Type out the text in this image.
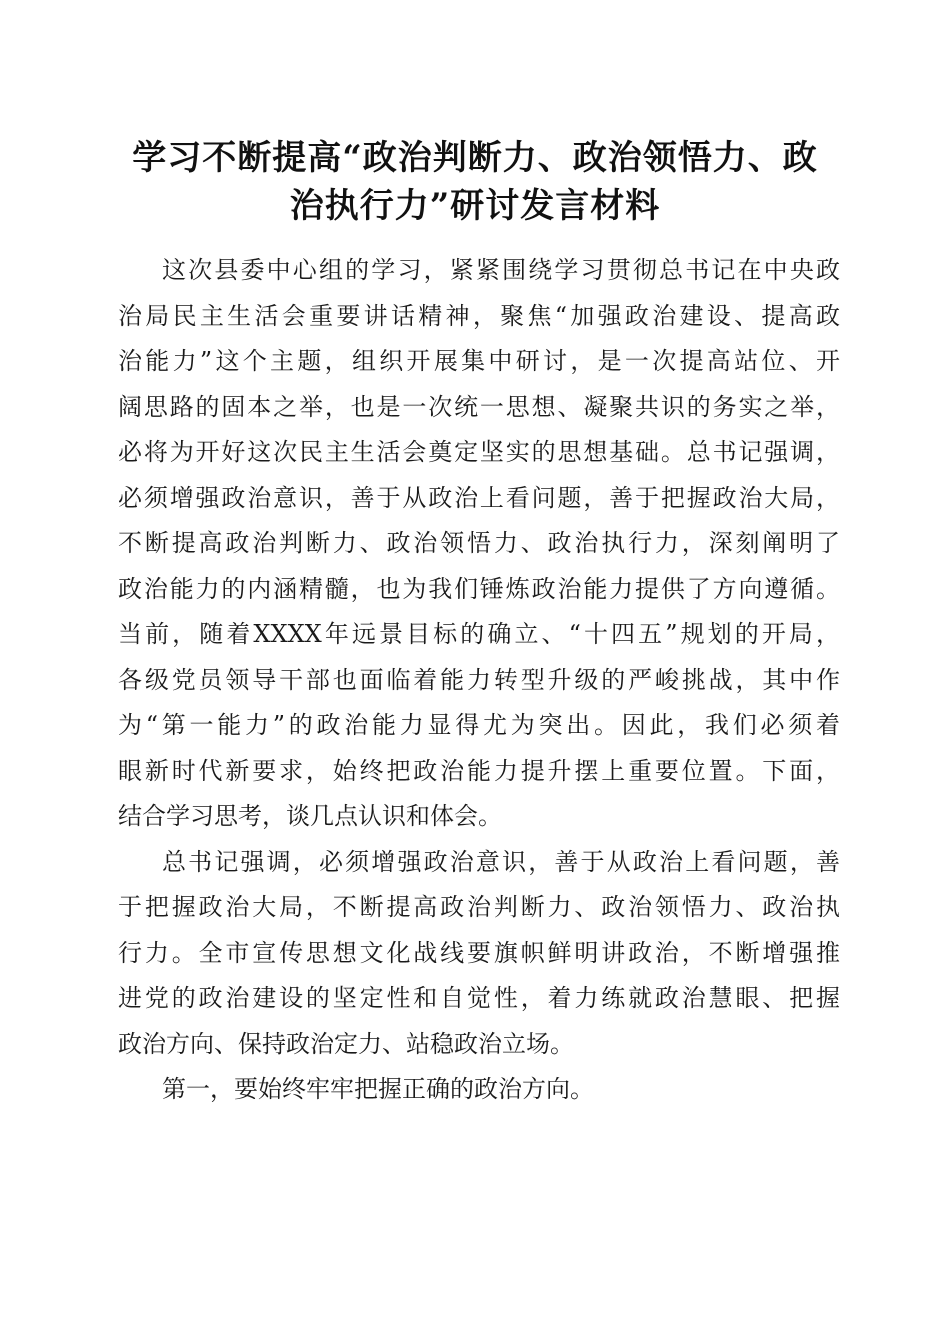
学习不断提高“政治判断力、政治领悟力、政
治执行力”研讨发言材料

这次县委中心组的学习，紧紧围绕学习贯彻总书记在中央政
治局民主生活会重要讲话精神，聚焦“加强政治建设、提高政
治能力”这个主题，组织开展集中研讨，是一次提高站位、开
阔思路的固本之举，也是一次统一思想、凝聚共识的务实之举，
必将为开好这次民主生活会奠定坚实的思想基础。总书记强调，
必须增强政治意识，善于从政治上看问题，善于把握政治大局，
不断提高政治判断力、政治领悟力、政治执行力，深刻阐明了
政治能力的内涵精髓，也为我们锤炼政治能力提供了方向遵循。
当前，随着XXXX年远景目标的确立、“十四五”规划的开局，
各级党员领导干部也面临着能力转型升级的严峻挑战，其中作
为“第一能力”的政治能力显得尤为突出。因此，我们必须着
眼新时代新要求，始终把政治能力提升摆上重要位置。下面，
结合学习思考，谈几点认识和体会。

总书记强调，必须增强政治意识，善于从政治上看问题，善
于把握政治大局，不断提高政治判断力、政治领悟力、政治执
行力。全市宣传思想文化战线要旗帜鲜明讲政治，不断增强推
进党的政治建设的坚定性和自觉性，着力练就政治慧眼、把握
政治方向、保持政治定力、站稳政治立场。

第一，要始终牢牢把握正确的政治方向。
